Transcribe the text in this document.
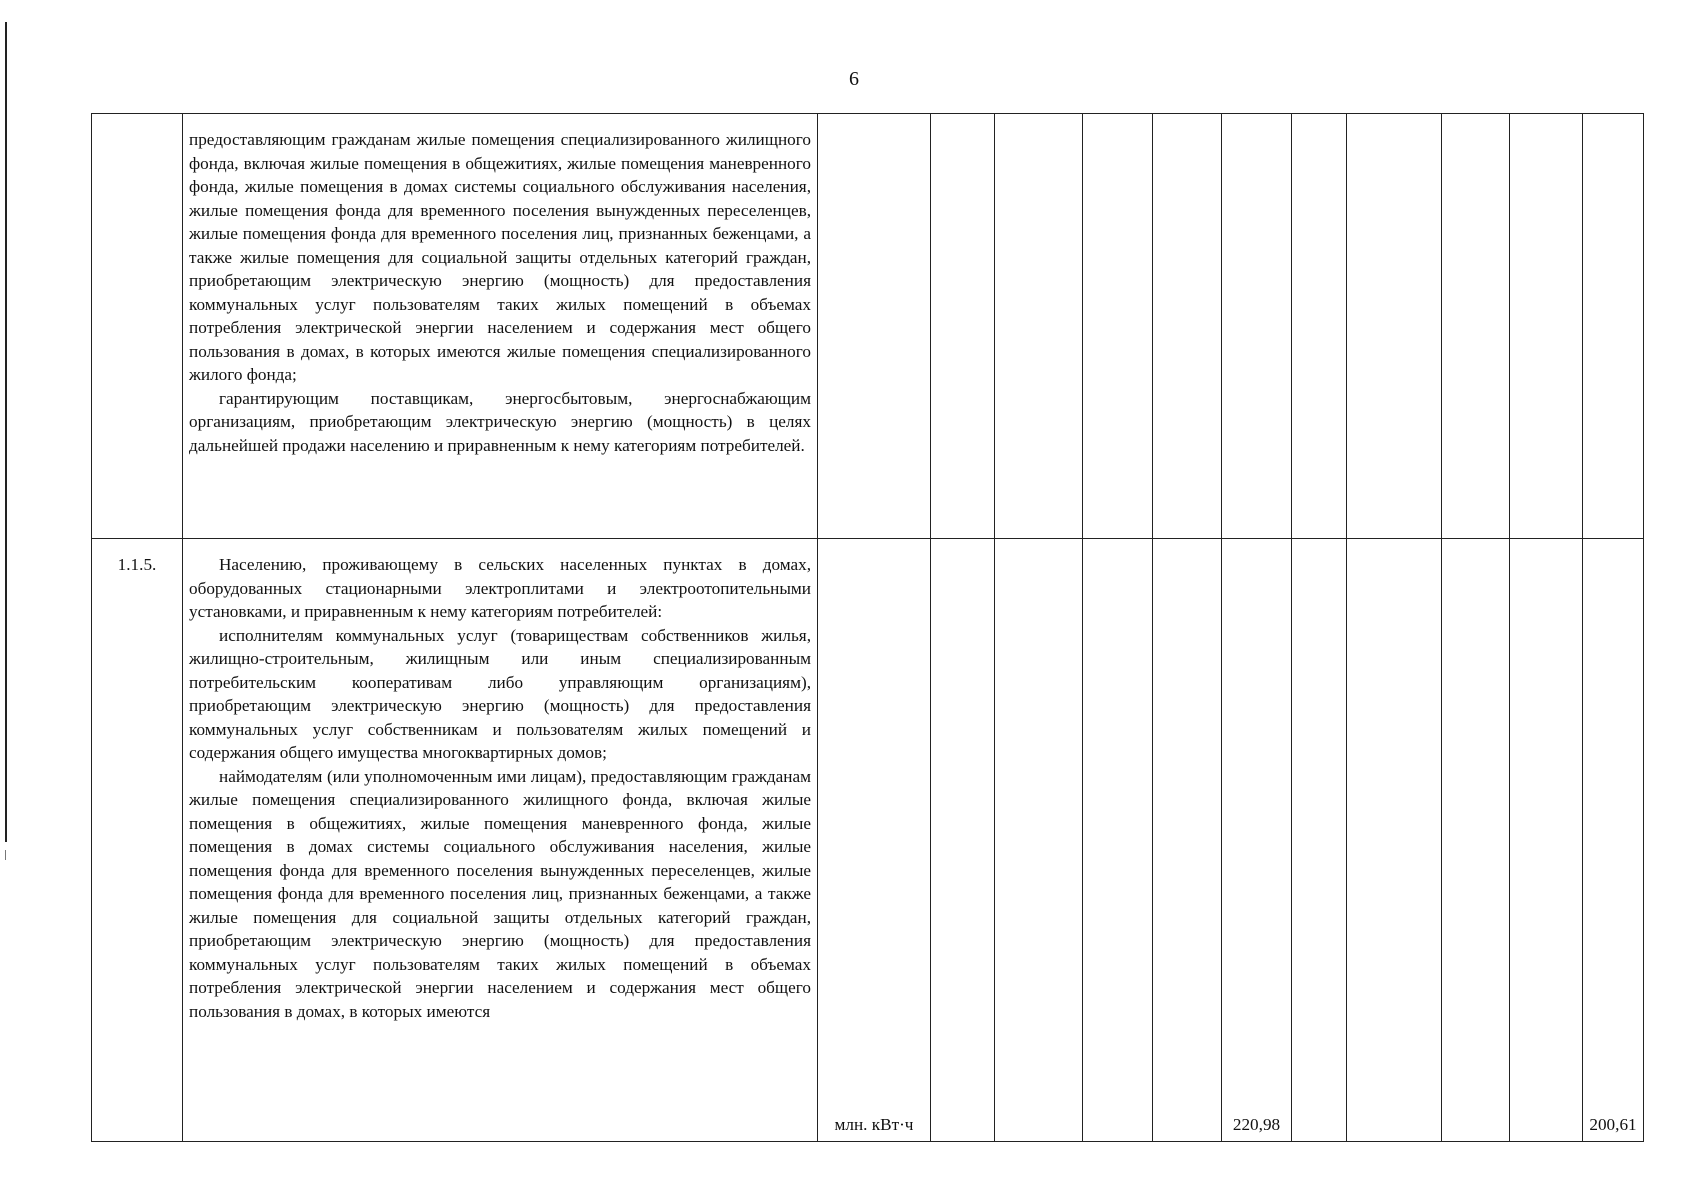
6

	предоставляющим гражданам жилые помещения специализированного жилищного фонда, включая жилые помещения в общежитиях, жилые помещения маневренного фонда, жилые помещения в домах системы социального обслуживания населения, жилые помещения фонда для временного поселения вынужденных переселенцев, жилые помещения фонда для временного поселения лиц, признанных беженцами, а также жилые помещения для социальной защиты отдельных категорий граждан, приобретающим электрическую энергию (мощность) для предоставления коммунальных услуг пользователям таких жилых помещений в объемах потребления электрической энергии населением и содержания мест общего пользования в домах, в которых имеются жилые помещения специализированного жилого фонда;

гарантирующим поставщикам, энергосбытовым, энергоснабжающим организациям, приобретающим электрическую энергию (мощность) в целях дальнейшей продажи населению и приравненным к нему категориям потребителей.											

1.1.5.	Населению, проживающему в сельских населенных пунктах в домах, оборудованных стационарными электроплитами и электроотопительными установками, и приравненным к нему категориям потребителей:

исполнителям коммунальных услуг (товариществам собственников жилья, жилищно-строительным, жилищным или иным специализированным потребительским кооперативам либо управляющим организациям), приобретающим электрическую энергию (мощность) для предоставления коммунальных услуг собственникам и пользователям жилых помещений и содержания общего имущества многоквартирных домов;

наймодателям (или уполномоченным ими лицам), предоставляющим гражданам жилые помещения специализированного жилищного фонда, включая жилые помещения в общежитиях, жилые помещения маневренного фонда, жилые помещения в домах системы социального обслуживания населения, жилые помещения фонда для временного поселения вынужденных переселенцев, жилые помещения фонда для временного поселения лиц, признанных беженцами, а также жилые помещения для социальной защиты отдельных категорий граждан, приобретающим электрическую энергию (мощность) для предоставления коммунальных услуг пользователям таких жилых помещений в объемах потребления электрической энергии населением и содержания мест общего пользования в домах, в которых имеются	млн. кВт·ч					220,98					200,61
